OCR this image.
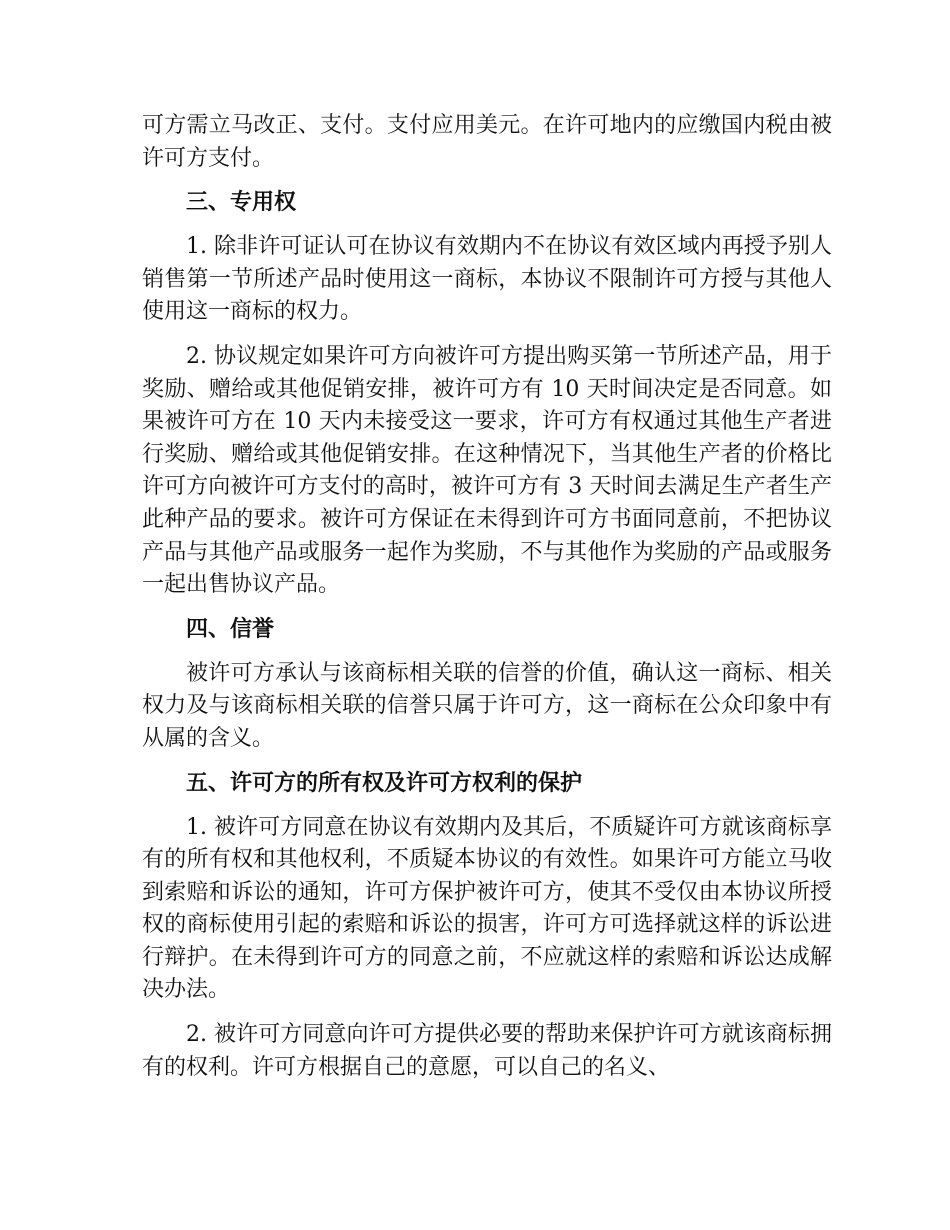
可方需立马改正、支付。支付应用美元。在许可地内的应缴国内税由被许可方支付。

三、专用权

1. 除非许可证认可在协议有效期内不在协议有效区域内再授予别人销售第一节所述产品时使用这一商标，本协议不限制许可方授与其他人使用这一商标的权力。

2. 协议规定如果许可方向被许可方提出购买第一节所述产品，用于奖励、赠给或其他促销安排，被许可方有 10 天时间决定是否同意。如果被许可方在 10 天内未接受这一要求，许可方有权通过其他生产者进行奖励、赠给或其他促销安排。在这种情况下，当其他生产者的价格比许可方向被许可方支付的高时，被许可方有 3 天时间去满足生产者生产此种产品的要求。被许可方保证在未得到许可方书面同意前，不把协议产品与其他产品或服务一起作为奖励，不与其他作为奖励的产品或服务一起出售协议产品。

四、信誉

被许可方承认与该商标相关联的信誉的价值，确认这一商标、相关权力及与该商标相关联的信誉只属于许可方，这一商标在公众印象中有从属的含义。

五、许可方的所有权及许可方权利的保护

1. 被许可方同意在协议有效期内及其后，不质疑许可方就该商标享有的所有权和其他权利，不质疑本协议的有效性。如果许可方能立马收到索赔和诉讼的通知，许可方保护被许可方，使其不受仅由本协议所授权的商标使用引起的索赔和诉讼的损害，许可方可选择就这样的诉讼进行辩护。在未得到许可方的同意之前，不应就这样的索赔和诉讼达成解决办法。

2. 被许可方同意向许可方提供必要的帮助来保护许可方就该商标拥有的权利。许可方根据自己的意愿，可以自己的名义、
